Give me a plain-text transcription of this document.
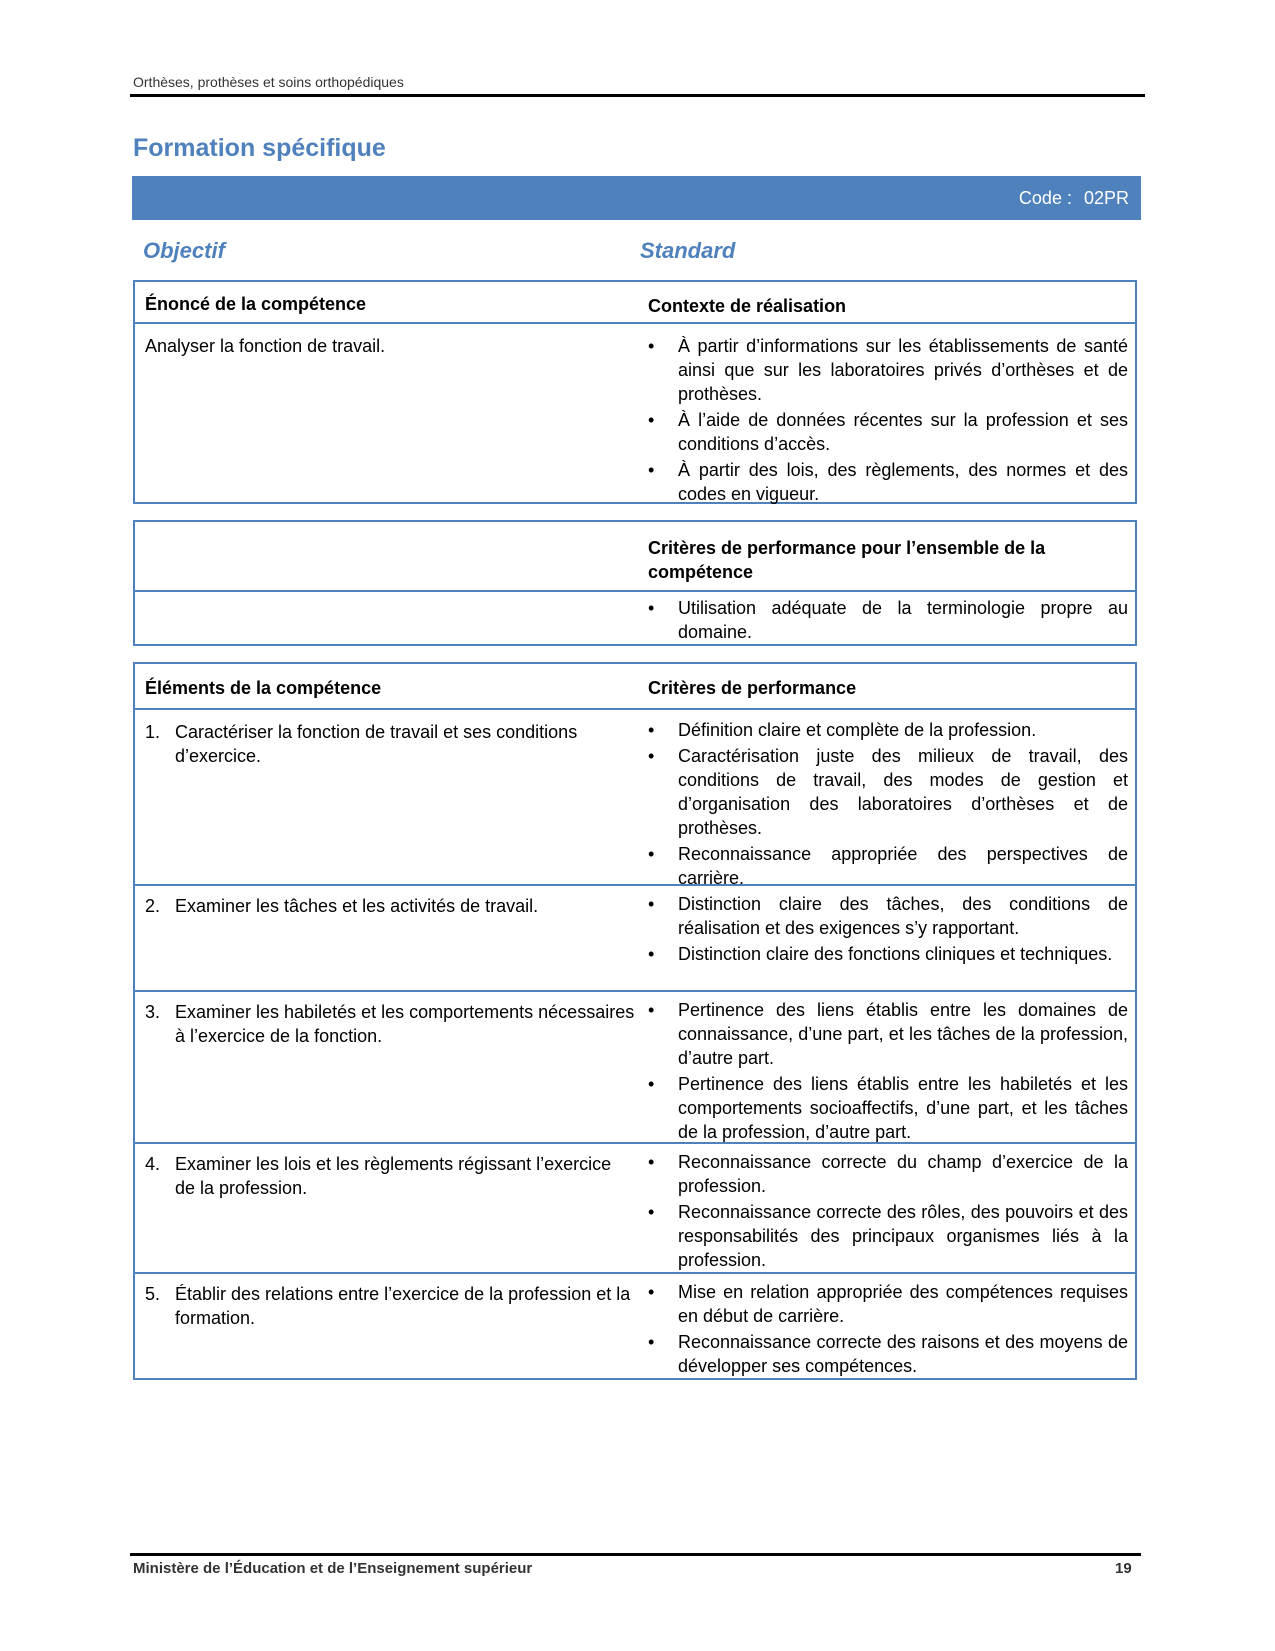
Orthèses, prothèses et soins orthopédiques
Formation spécifique
Code : 02PR
Objectif	Standard
Énoncé de la compétence	Contexte de réalisation
Analyser la fonction de travail.	• À partir d’informations sur les établissements de santé ainsi que sur les laboratoires privés d’orthèses et de prothèses.
• À l’aide de données récentes sur la profession et ses conditions d’accès.
• À partir des lois, des règlements, des normes et des codes en vigueur.
Critères de performance pour l’ensemble de la compétence
• Utilisation adéquate de la terminologie propre au domaine.
Éléments de la compétence	Critères de performance
1. Caractériser la fonction de travail et ses conditions d’exercice.
• Définition claire et complète de la profession.
• Caractérisation juste des milieux de travail, des conditions de travail, des modes de gestion et d’organisation des laboratoires d’orthèses et de prothèses.
• Reconnaissance appropriée des perspectives de carrière.
2. Examiner les tâches et les activités de travail.	• Distinction claire des tâches, des conditions de réalisation et des exigences s’y rapportant.
• Distinction claire des fonctions cliniques et techniques.
3. Examiner les habiletés et les comportements nécessaires à l’exercice de la fonction.
• Pertinence des liens établis entre les domaines de connaissance, d’une part, et les tâches de la profession, d’autre part.
• Pertinence des liens établis entre les habiletés et les comportements socioaffectifs, d’une part, et les tâches de la profession, d’autre part.
4. Examiner les lois et les règlements régissant l’exercice de la profession.
• Reconnaissance correcte du champ d’exercice de la profession.
• Reconnaissance correcte des rôles, des pouvoirs et des responsabilités des principaux organismes liés à la profession.
5. Établir des relations entre l’exercice de la profession et la formation.
• Mise en relation appropriée des compétences requises en début de carrière.
• Reconnaissance correcte des raisons et des moyens de développer ses compétences.
Ministère de l’Éducation et de l’Enseignement supérieur	19
